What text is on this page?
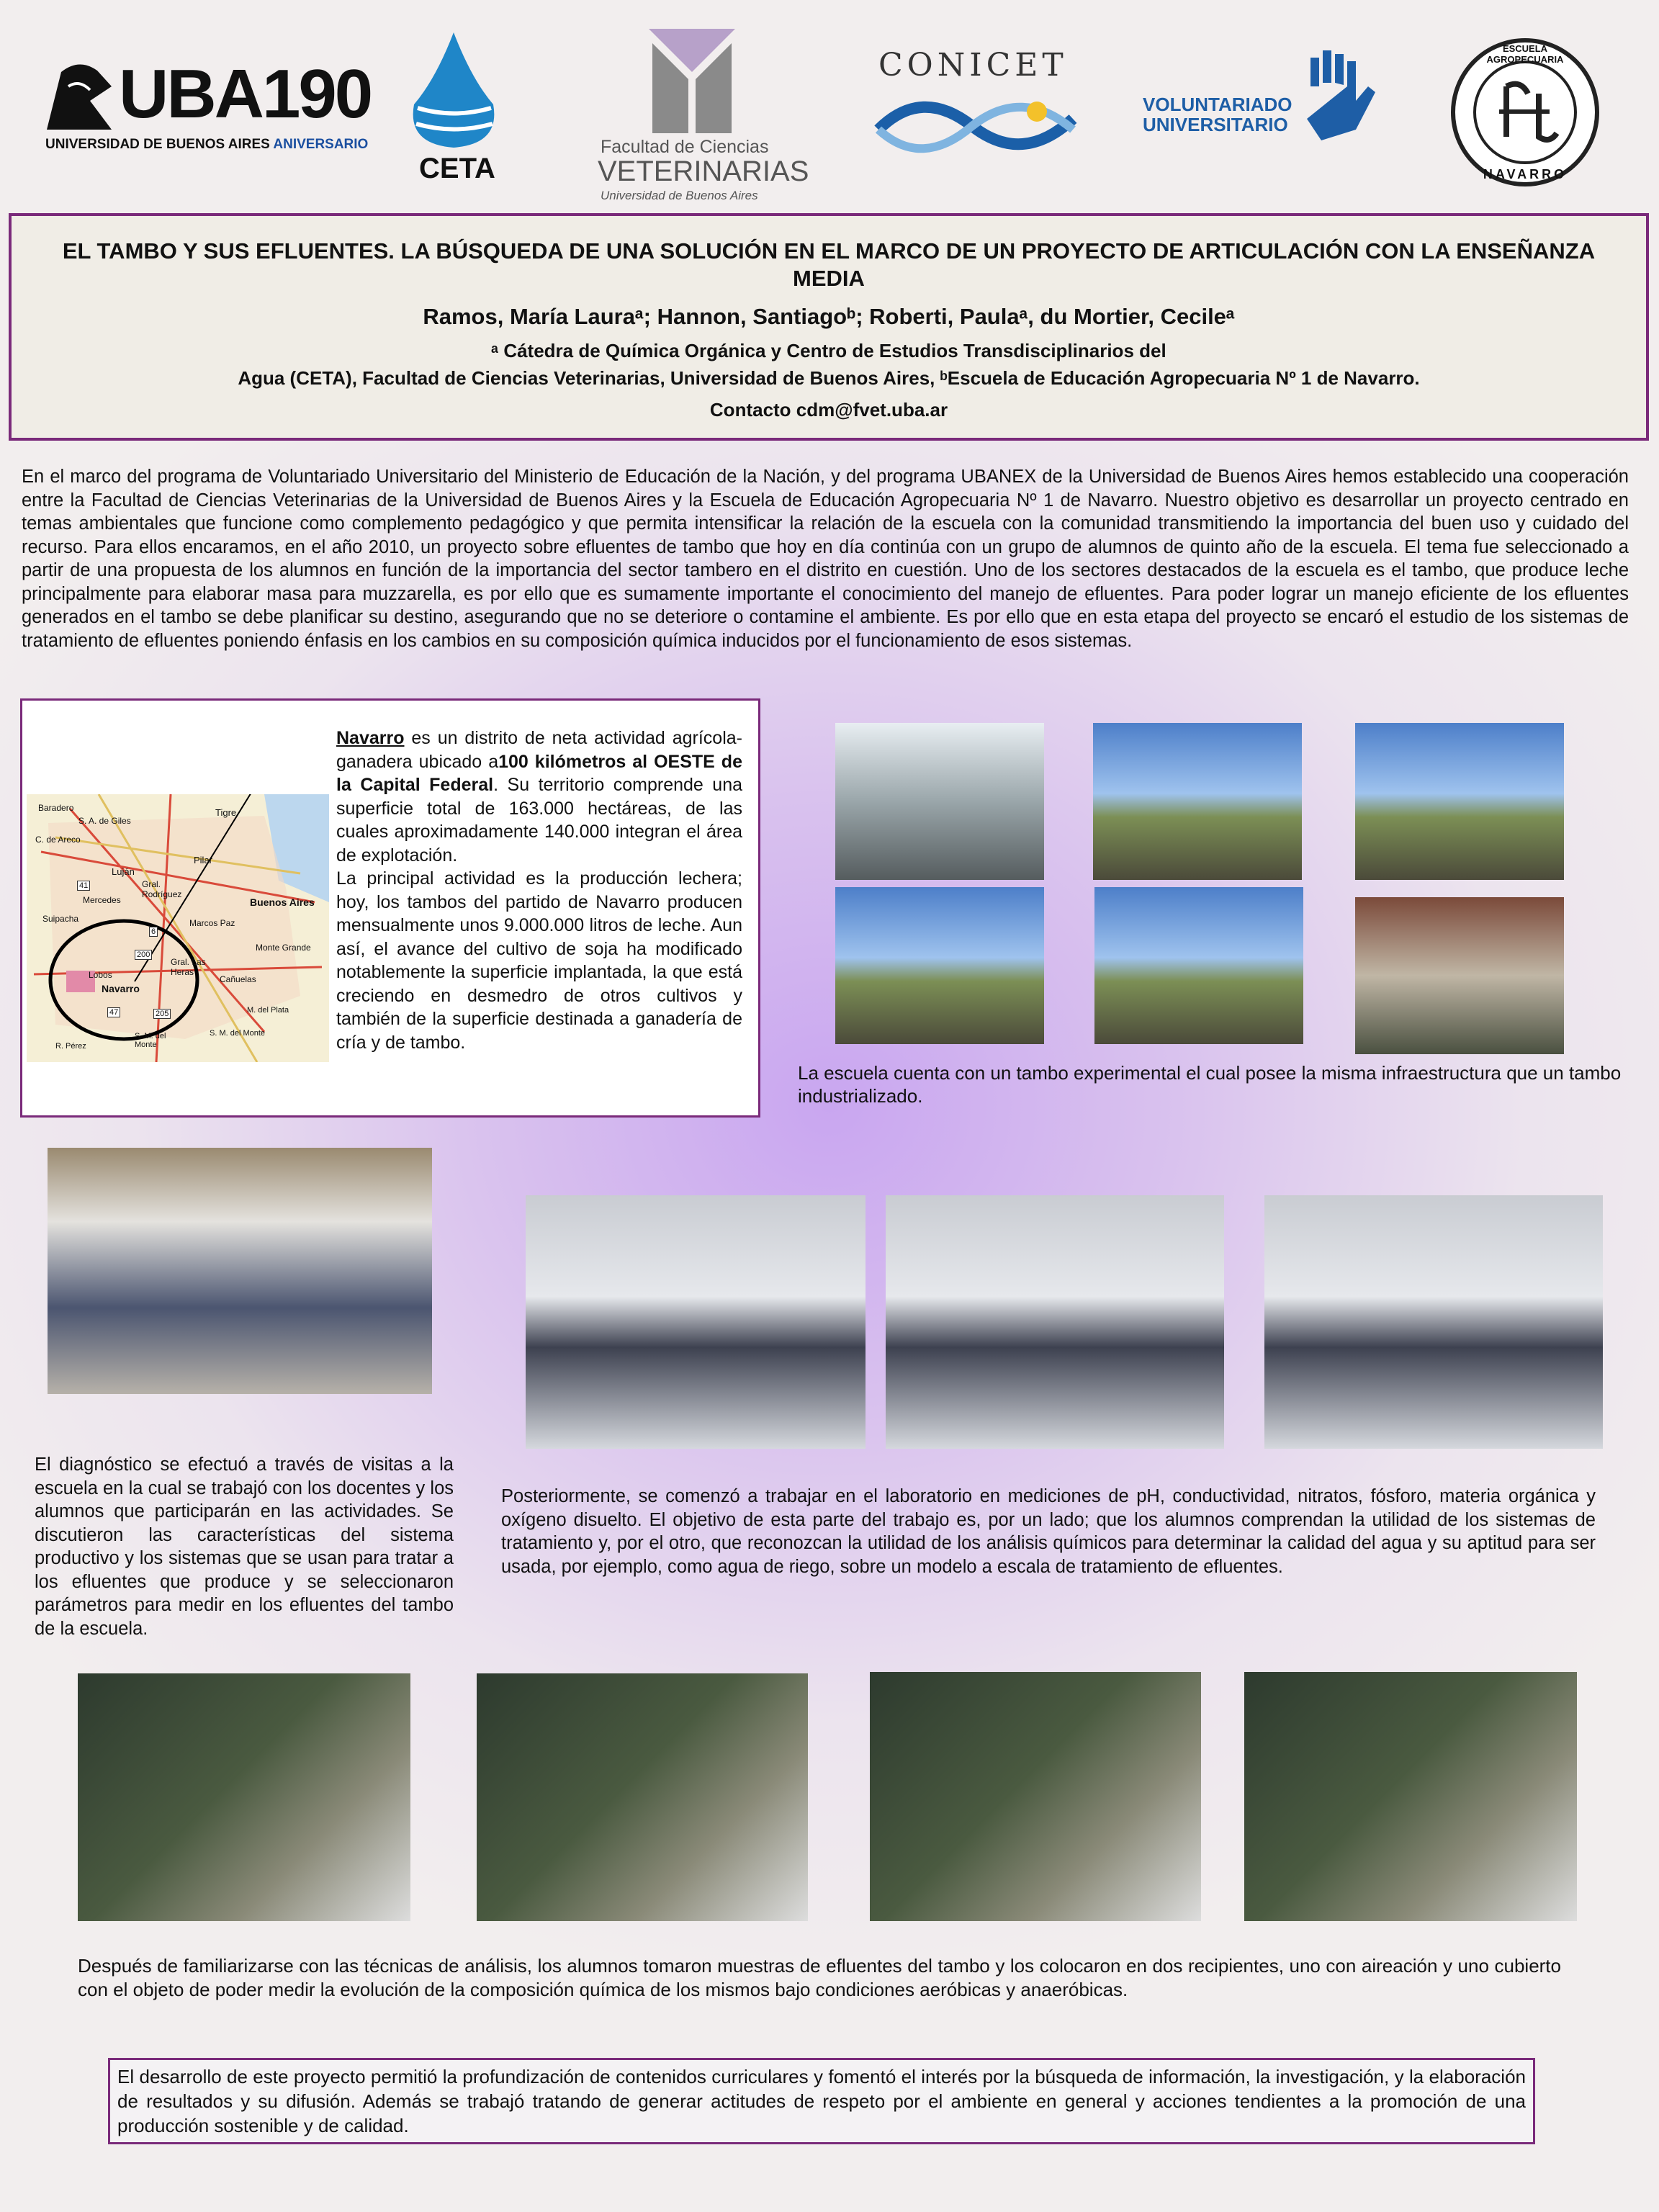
UBA190
UNIVERSIDAD DE BUENOS AIRES ANIVERSARIO
CETA
Facultad de Ciencias
VETERINARIAS
Universidad de Buenos Aires
CONICET
VOLUNTARIADO
UNIVERSITARIO
ESCUELA AGROPECUARIA
NAVARRO
EL TAMBO Y SUS EFLUENTES. LA BÚSQUEDA DE UNA SOLUCIÓN EN EL MARCO DE UN PROYECTO DE ARTICULACIÓN CON LA ENSEÑANZA MEDIA
Ramos, María Lauraᵃ; Hannon, Santiagoᵇ; Roberti, Paulaᵃ, du Mortier, Cecileᵃ
ᵃ Cátedra de Química Orgánica y Centro de Estudios Transdisciplinarios del
Agua (CETA), Facultad de Ciencias Veterinarias, Universidad de Buenos Aires, ᵇEscuela de Educación Agropecuaria Nº 1 de Navarro.
Contacto cdm@fvet.uba.ar
En el marco del programa de Voluntariado Universitario del Ministerio de Educación de la Nación, y del programa UBANEX de la Universidad de Buenos Aires hemos establecido una cooperación entre la Facultad de Ciencias Veterinarias de la Universidad de Buenos Aires y la Escuela de Educación Agropecuaria Nº 1 de Navarro. Nuestro objetivo es desarrollar un proyecto centrado en temas ambientales que funcione como complemento pedagógico y que permita intensificar la relación de la escuela con la comunidad transmitiendo la importancia del buen uso y cuidado del recurso. Para ellos encaramos, en el año 2010, un proyecto sobre efluentes de tambo que hoy en día continúa con un grupo de alumnos de quinto año de la escuela. El tema fue seleccionado a partir de una propuesta de los alumnos en función de la importancia del sector tambero en el distrito en cuestión. Uno de los sectores destacados de la escuela es el tambo, que produce leche principalmente para elaborar masa para muzzarella, es por ello que es sumamente importante el conocimiento del manejo de efluentes. Para poder lograr un manejo eficiente de los efluentes generados en el tambo se debe planificar su destino, asegurando que no se deteriore o contamine el ambiente. Es por ello que en esta etapa del proyecto se encaró el estudio de los sistemas de tratamiento de efluentes poniendo énfasis en los cambios en su composición química inducidos por el funcionamiento de esos sistemas.
Baradero
S. A. de Giles
C. de Areco
Tigre
Luján
Pilar
Buenos Aires
Mercedes
Gral. Rodríguez
Marcos Paz
Monte Grande
Lobos
Navarro
Gral. Las Heras
Cañuelas
Suipacha
R. Pérez
S. M. del Monte
M. del Plata
S. M. del Monte
41
6
205
200
47
Navarro es un distrito de neta actividad agrícola-ganadera ubicado a100 kilómetros al OESTE de la Capital Federal. Su territorio comprende una superficie total de 163.000 hectáreas, de las cuales aproximadamente 140.000 integran el área de explotación.
La principal actividad es la producción lechera; hoy, los tambos del partido de Navarro producen mensualmente unos 9.000.000 litros de leche. Aun así, el avance del cultivo de soja ha modificado notablemente la superficie implantada, la que está creciendo en desmedro de otros cultivos y también de la superficie destinada a ganadería de cría y de tambo.
La escuela cuenta con un tambo experimental el cual posee la misma infraestructura que un tambo industrializado.
El diagnóstico se efectuó a través de visitas a la escuela en la cual se trabajó con los docentes y los alumnos que participarán en las actividades. Se discutieron las características del sistema productivo y los sistemas que se usan para tratar a los efluentes que produce y se seleccionaron parámetros para medir en los efluentes del tambo de la escuela.
Posteriormente, se comenzó a trabajar en el laboratorio en mediciones de pH, conductividad, nitratos, fósforo, materia orgánica y oxígeno disuelto. El objetivo de esta parte del trabajo es, por un lado; que los alumnos comprendan la utilidad de los sistemas de tratamiento y, por el otro, que reconozcan la utilidad de los análisis químicos para determinar la calidad del agua y su aptitud para ser usada, por ejemplo, como agua de riego, sobre un modelo a escala de tratamiento de efluentes.
Después de familiarizarse con las técnicas de análisis, los alumnos tomaron muestras de efluentes del tambo y los colocaron en dos recipientes, uno con aireación y uno cubierto con el objeto de poder medir la evolución de la composición química de los mismos bajo condiciones aeróbicas y anaeróbicas.
El desarrollo de este proyecto permitió la profundización de contenidos curriculares y fomentó el interés por la búsqueda de información, la investigación, y la elaboración de resultados y su difusión. Además se trabajó tratando de generar actitudes de respeto por el ambiente en general y acciones tendientes a la promoción de una producción sostenible y de calidad.
